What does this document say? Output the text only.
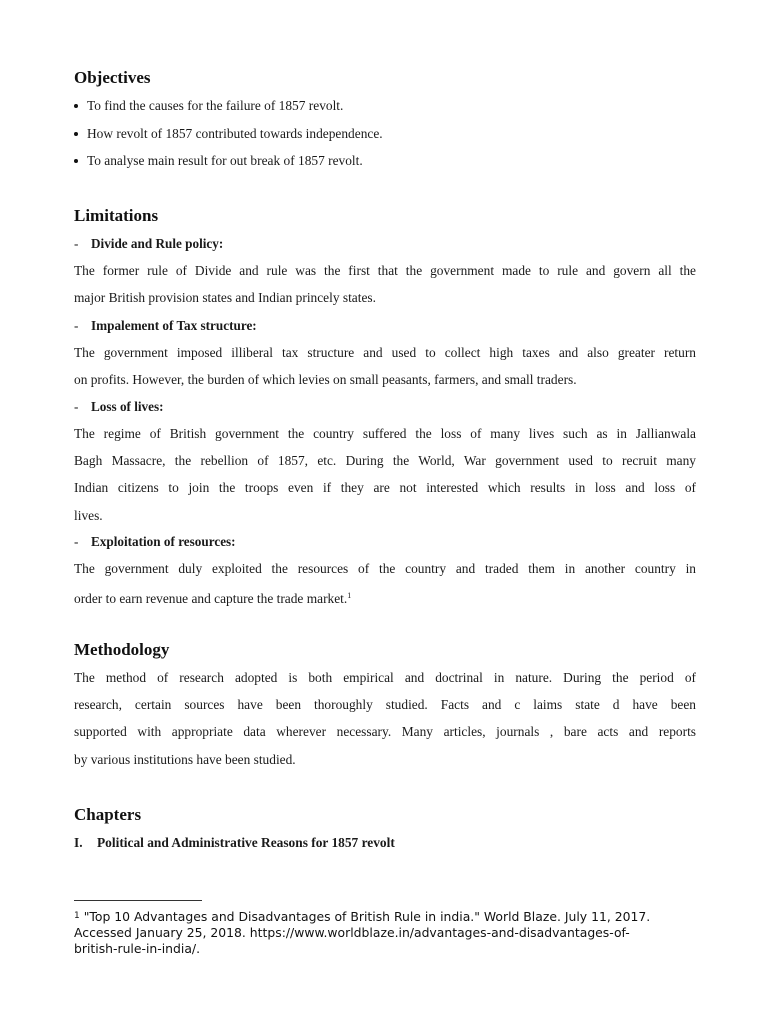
Objectives
To find the causes for the failure of 1857 revolt.
How revolt of 1857 contributed towards independence.
To analyse main result for out break of 1857 revolt.
Limitations
- Divide and Rule policy:
The former rule of Divide and rule was the first that the government made to rule and govern all the
major British provision states and Indian princely states.
- Impalement of Tax structure:
The government imposed illiberal tax structure and used to collect high taxes and also greater return
on profits. However, the burden of which levies on small peasants, farmers, and small traders.
- Loss of lives:
The regime of British government the country suffered the loss of many lives such as in Jallianwala
Bagh Massacre, the rebellion of 1857, etc. During the World, War government used to recruit many
Indian citizens to join the troops even if they are not interested which results in loss and loss of
lives.
- Exploitation of resources:
The government duly exploited the resources of the country and traded them in another country in
order to earn revenue and capture the trade market.$^1$
Methodology
The method of research adopted is both empirical and doctrinal in nature. During the period of
research, certain sources have been thoroughly studied. Facts and c laims state d have been
supported with appropriate data wherever necessary. Many articles, journals , bare acts and reports
by various institutions have been studied.
Chapters
I. Political and Administrative Reasons for 1857 revolt
$^1$ "Top 10 Advantages and Disadvantages of British Rule in india." World Blaze. July 11, 2017.
Accessed January 25, 2018. https://www.worldblaze.in/advantages-and-disadvantages-of-
british-rule-in-india/.
